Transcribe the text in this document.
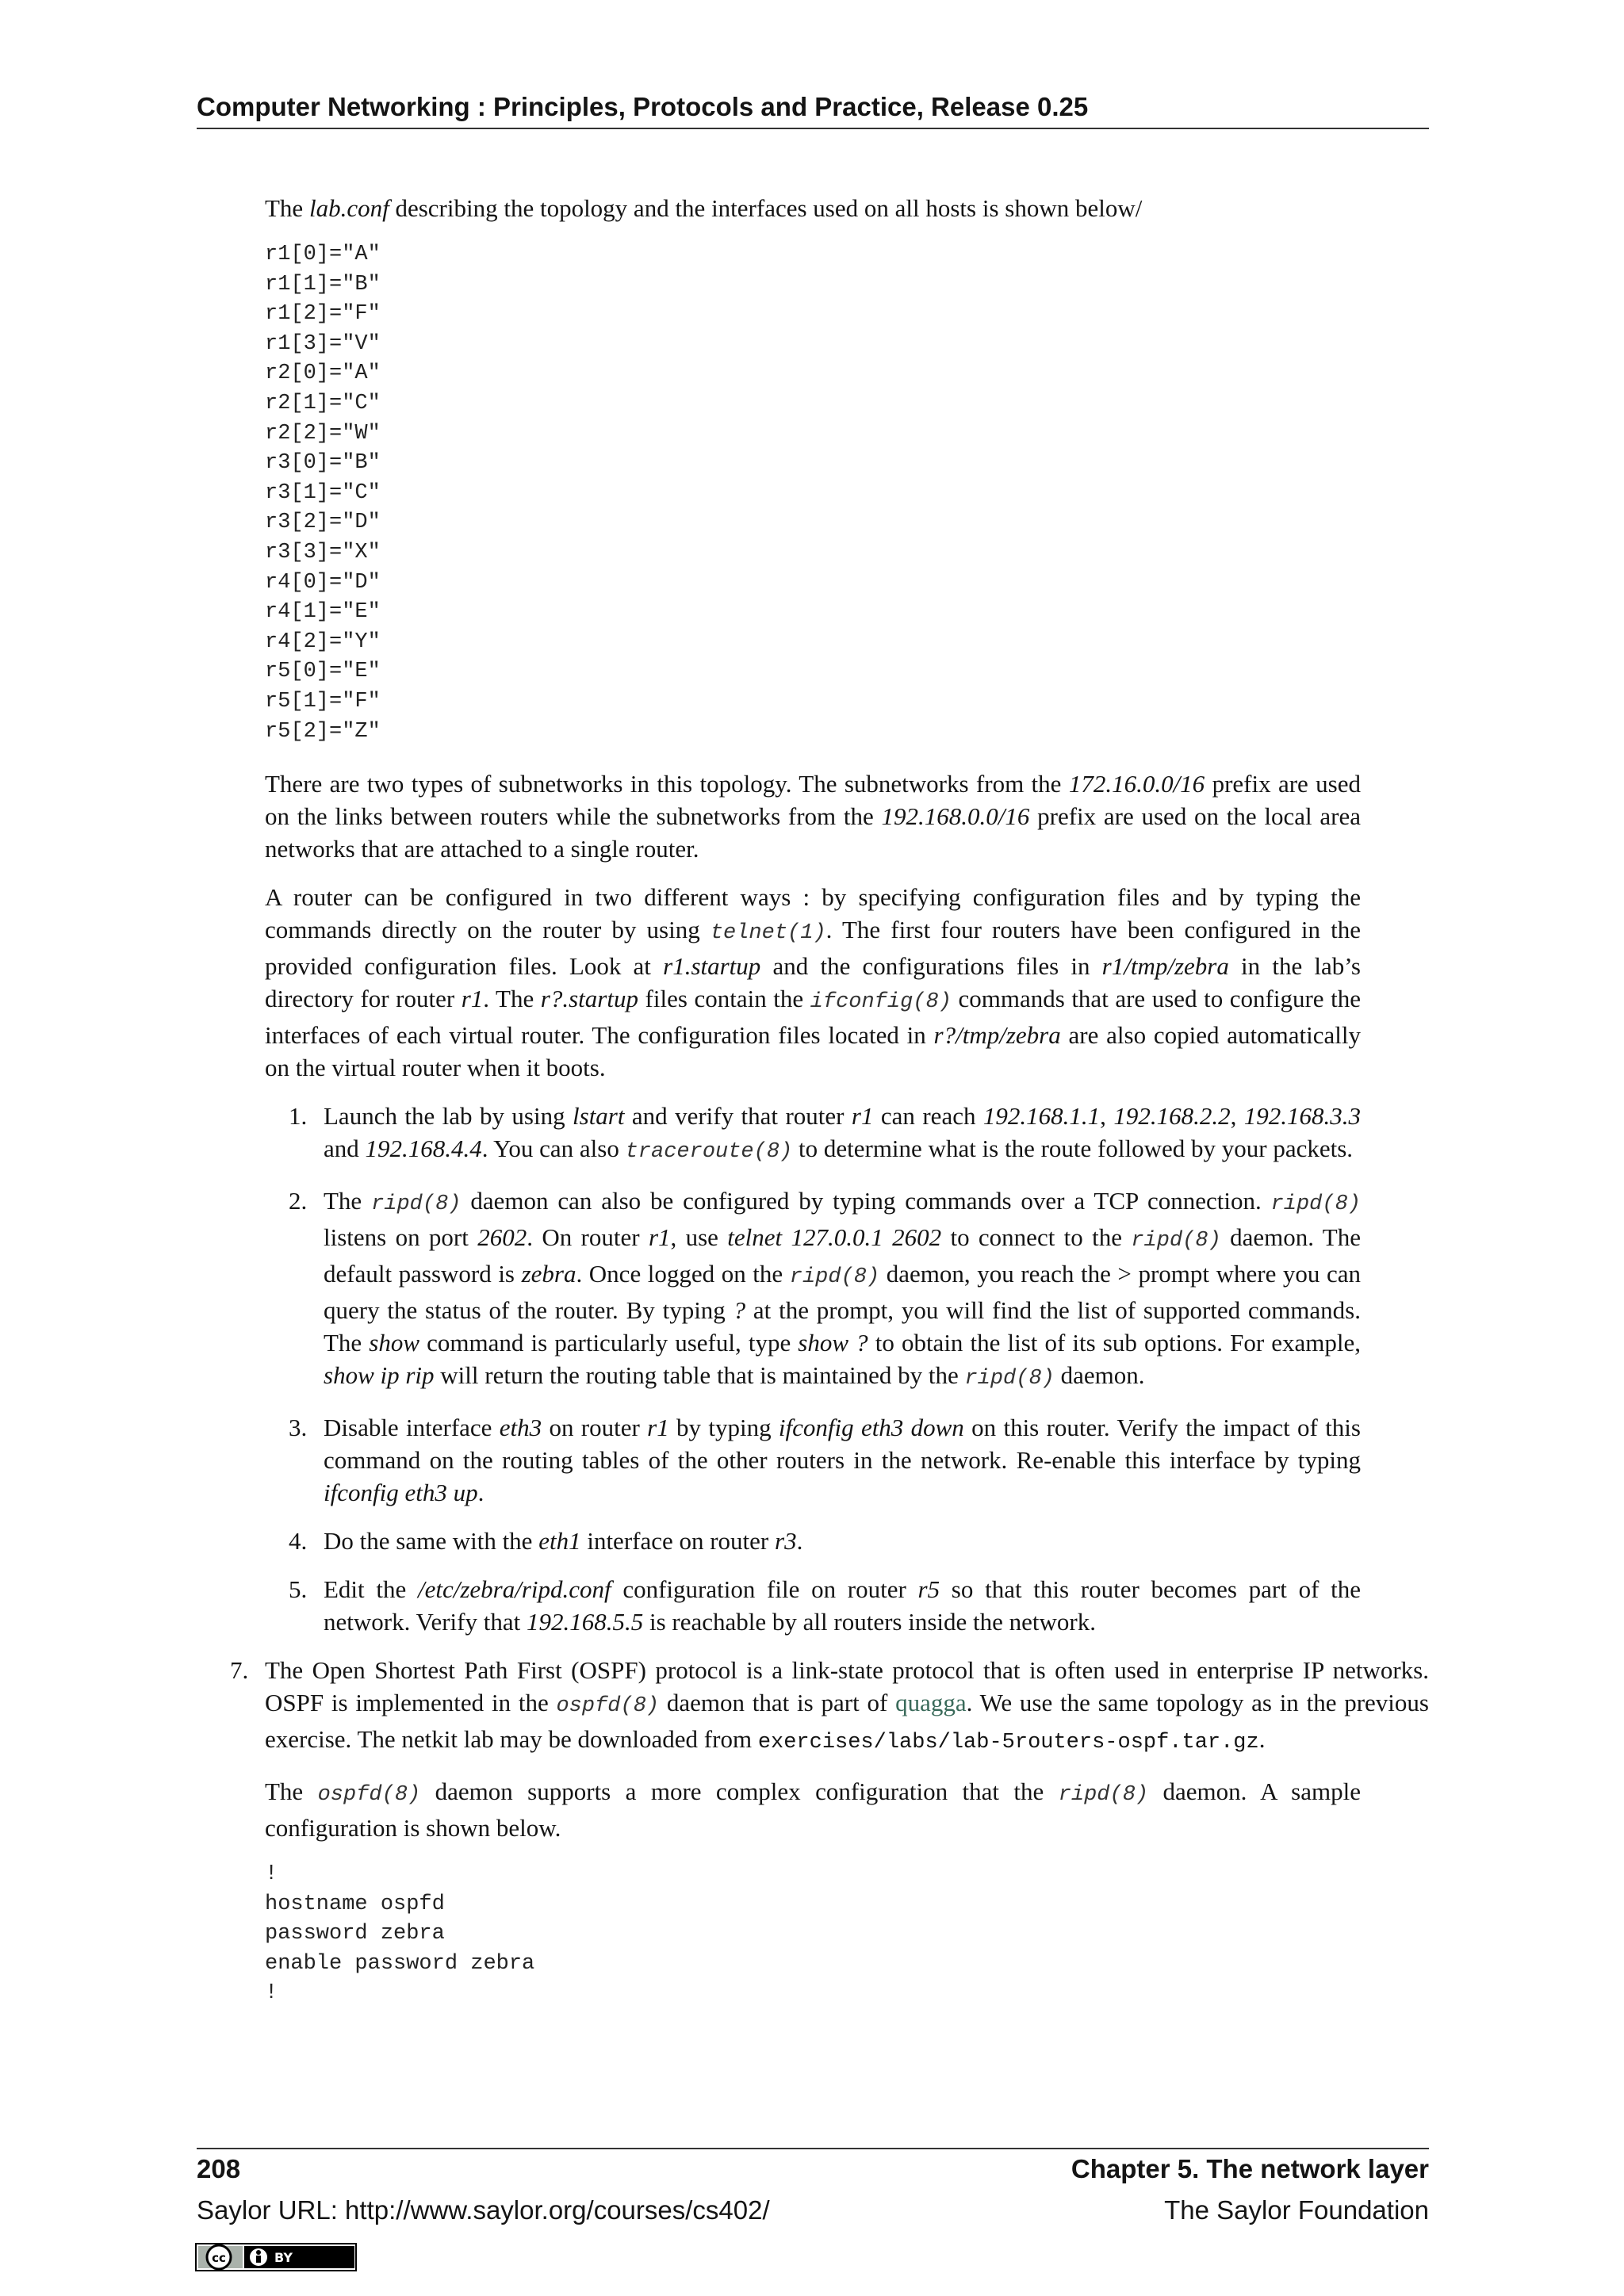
Computer Networking : Principles, Protocols and Practice, Release 0.25

The lab.conf describing the topology and the interfaces used on all hosts is shown below/

r1[0]="A"
r1[1]="B"
r1[2]="F"
r1[3]="V"
r2[0]="A"
r2[1]="C"
r2[2]="W"
r3[0]="B"
r3[1]="C"
r3[2]="D"
r3[3]="X"
r4[0]="D"
r4[1]="E"
r4[2]="Y"
r5[0]="E"
r5[1]="F"
r5[2]="Z"

There are two types of subnetworks in this topology. The subnetworks from the 172.16.0.0/16 prefix are used on the links between routers while the subnetworks from the 192.168.0.0/16 prefix are used on the local area networks that are attached to a single router.

A router can be configured in two different ways : by specifying configuration files and by typing the commands directly on the router by using telnet(1). The first four routers have been configured in the provided configuration files. Look at r1.startup and the configurations files in r1/tmp/zebra in the lab’s directory for router r1. The r?.startup files contain the ifconfig(8) commands that are used to configure the interfaces of each virtual router. The configuration files located in r?/tmp/zebra are also copied automatically on the virtual router when it boots.

1. Launch the lab by using lstart and verify that router r1 can reach 192.168.1.1, 192.168.2.2, 192.168.3.3 and 192.168.4.4. You can also traceroute(8) to determine what is the route followed by your packets.

2. The ripd(8) daemon can also be configured by typing commands over a TCP connection. ripd(8) listens on port 2602. On router r1, use telnet 127.0.0.1 2602 to connect to the ripd(8) daemon. The default password is zebra. Once logged on the ripd(8) daemon, you reach the > prompt where you can query the status of the router. By typing ? at the prompt, you will find the list of supported commands. The show command is particularly useful, type show ? to obtain the list of its sub options. For example, show ip rip will return the routing table that is maintained by the ripd(8) daemon.

3. Disable interface eth3 on router r1 by typing ifconfig eth3 down on this router. Verify the impact of this command on the routing tables of the other routers in the network. Re-enable this interface by typing ifconfig eth3 up.

4. Do the same with the eth1 interface on router r3.

5. Edit the /etc/zebra/ripd.conf configuration file on router r5 so that this router becomes part of the network. Verify that 192.168.5.5 is reachable by all routers inside the network.

7. The Open Shortest Path First (OSPF) protocol is a link-state protocol that is often used in enterprise IP networks. OSPF is implemented in the ospfd(8) daemon that is part of quagga. We use the same topology as in the previous exercise. The netkit lab may be downloaded from exercises/labs/lab-5routers-ospf.tar.gz.

The ospfd(8) daemon supports a more complex configuration that the ripd(8) daemon. A sample configuration is shown below.

!
hostname ospfd
password zebra
enable password zebra
!
208	Chapter 5. The network layer
Saylor URL: http://www.saylor.org/courses/cs402/	The Saylor Foundation
cc	BY
